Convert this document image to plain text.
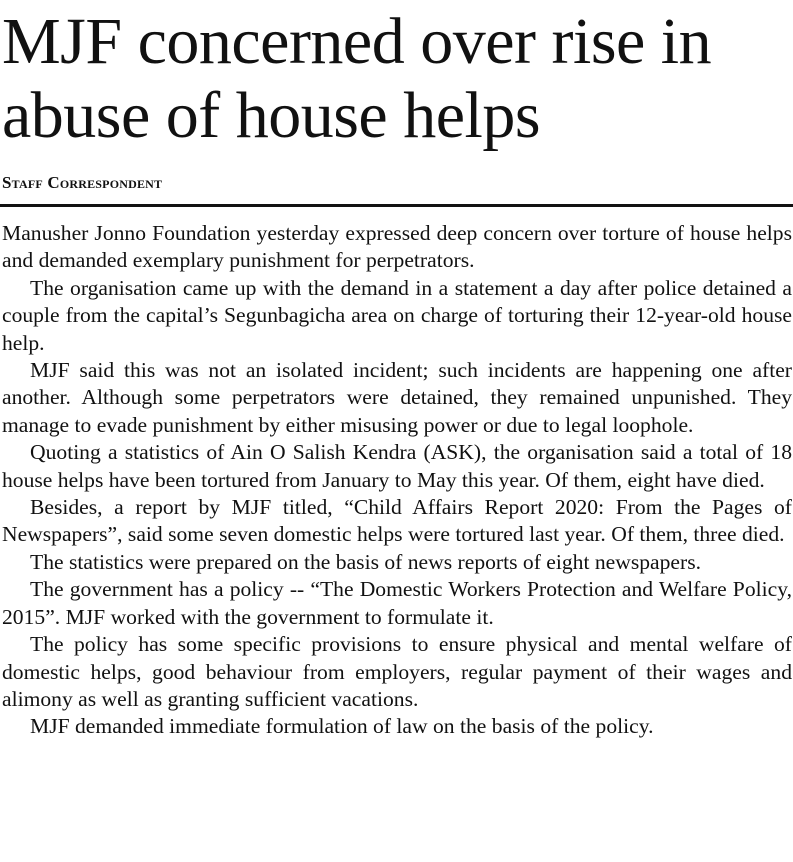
MJF concerned over rise in abuse of house helps
Staff Correspondent

Manusher Jonno Foundation yesterday expressed deep concern over torture of house helps and demanded exemplary punishment for perpetrators.

The organisation came up with the demand in a statement a day after police detained a couple from the capital’s Segunbagicha area on charge of torturing their 12-year-old house help.

MJF said this was not an isolated incident; such incidents are happening one after another. Although some perpetrators were detained, they remained unpunished. They manage to evade punishment by either misusing power or due to legal loophole.

Quoting a statistics of Ain O Salish Kendra (ASK), the organisation said a total of 18 house helps have been tortured from January to May this year. Of them, eight have died.

Besides, a report by MJF titled, “Child Affairs Report 2020: From the Pages of Newspapers”, said some seven domestic helps were tortured last year. Of them, three died.

The statistics were prepared on the basis of news reports of eight newspapers.

The government has a policy -- “The Domestic Workers Protection and Welfare Policy, 2015”. MJF worked with the government to formulate it.

The policy has some specific provisions to ensure physical and mental welfare of domestic helps, good behaviour from employers, regular payment of their wages and alimony as well as granting sufficient vacations.

MJF demanded immediate formulation of law on the basis of the policy.
